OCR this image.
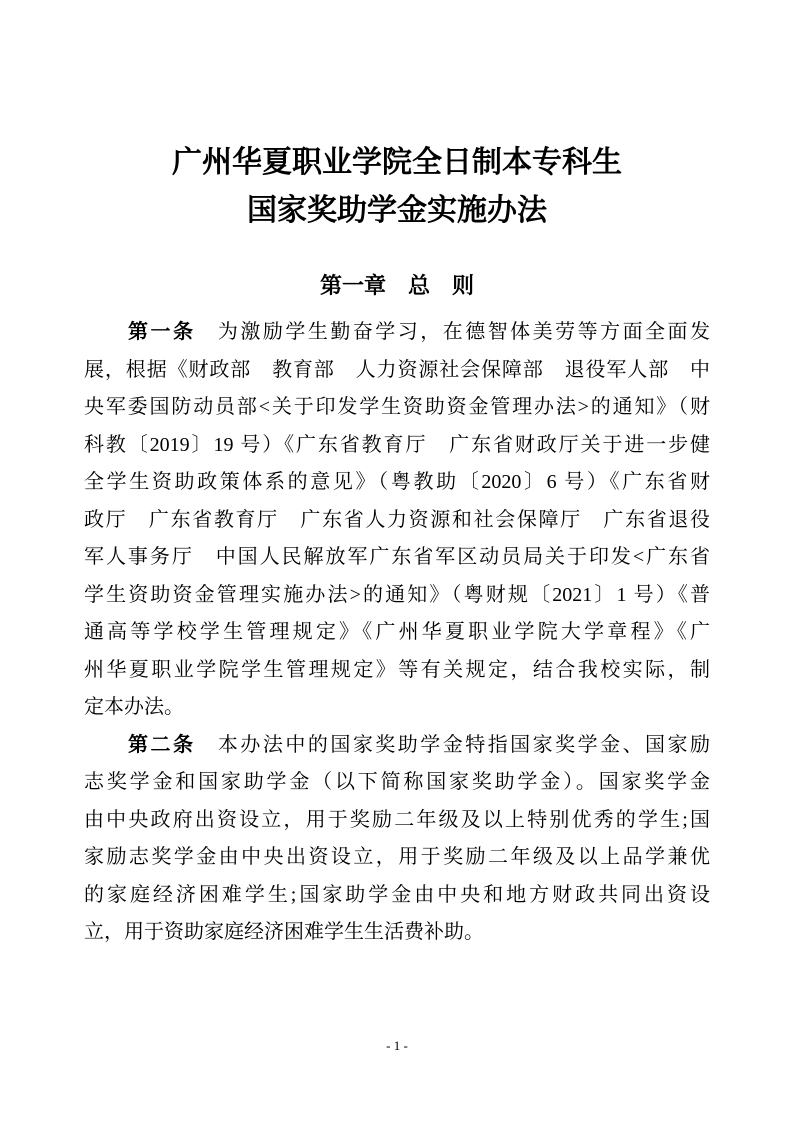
广州华夏职业学院全日制本专科生
国家奖助学金实施办法
第一章　总　则
第一条　为激励学生勤奋学习，在德智体美劳等方面全面发
展，根据《财政部　教育部　人力资源社会保障部　退役军人部　中
央军委国防动员部<关于印发学生资助资金管理办法>的通知》（财
科教〔2019〕19 号）《广东省教育厅　广东省财政厅关于进一步健
全学生资助政策体系的意见》（粤教助〔2020〕6 号）《广东省财
政厅　广东省教育厅　广东省人力资源和社会保障厅　广东省退役
军人事务厅　中国人民解放军广东省军区动员局关于印发<广东省
学生资助资金管理实施办法>的通知》（粤财规〔2021〕1 号）《普
通高等学校学生管理规定》《广州华夏职业学院大学章程》《广
州华夏职业学院学生管理规定》等有关规定，结合我校实际，制
定本办法。
第二条　本办法中的国家奖助学金特指国家奖学金、国家励
志奖学金和国家助学金（以下简称国家奖助学金）。国家奖学金
由中央政府出资设立，用于奖励二年级及以上特别优秀的学生;国
家励志奖学金由中央出资设立，用于奖励二年级及以上品学兼优
的家庭经济困难学生;国家助学金由中央和地方财政共同出资设
立，用于资助家庭经济困难学生生活费补助。
- 1 -
